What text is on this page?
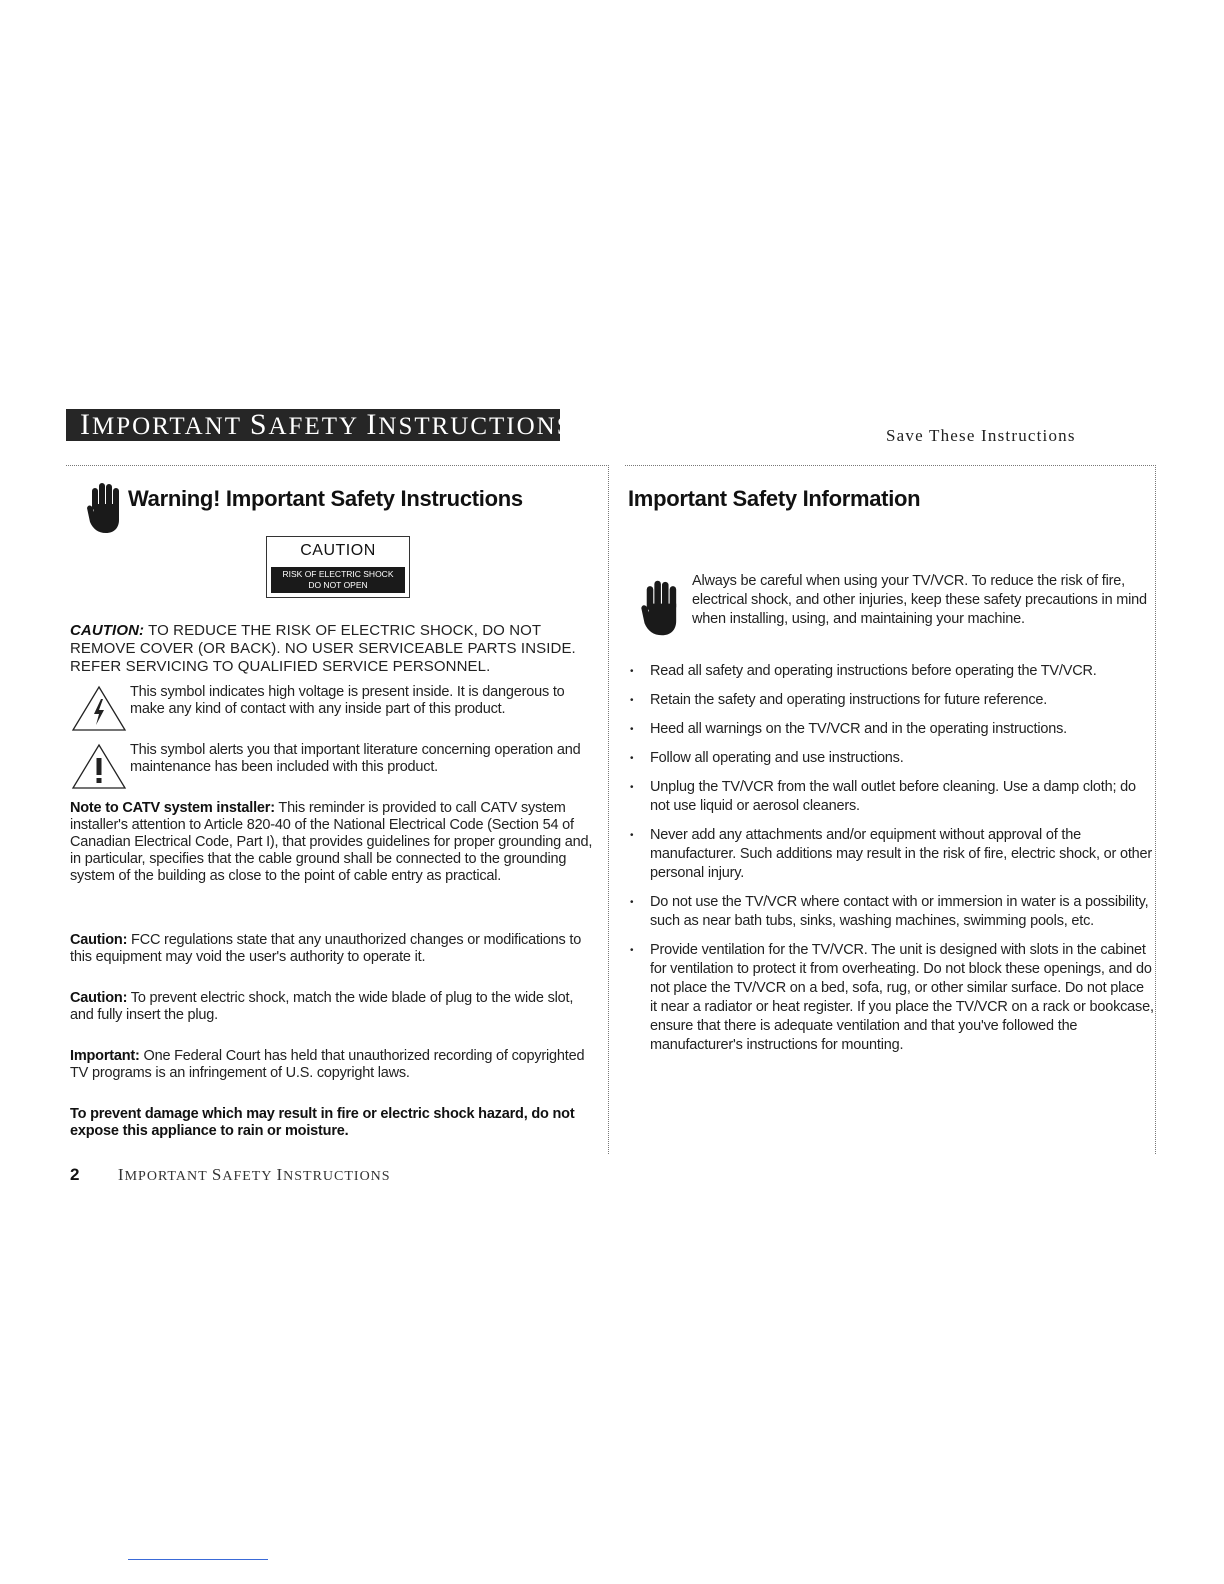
IMPORTANT SAFETY INSTRUCTIONS	Save These Instructions
Warning! Important Safety Instructions
CAUTION
RISK OF ELECTRIC SHOCK
DO NOT OPEN
CAUTION: TO REDUCE THE RISK OF ELECTRIC SHOCK, DO NOT REMOVE COVER (OR BACK). NO USER SERVICEABLE PARTS INSIDE. REFER SERVICING TO QUALIFIED SERVICE PERSONNEL.
This symbol indicates high voltage is present inside. It is dangerous to make any kind of contact with any inside part of this product.
This symbol alerts you that important literature concerning operation and maintenance has been included with this product.
Note to CATV system installer: This reminder is provided to call CATV system installer's attention to Article 820-40 of the National Electrical Code (Section 54 of Canadian Electrical Code, Part I), that provides guidelines for proper grounding and, in particular, specifies that the cable ground shall be connected to the grounding system of the building as close to the point of cable entry as practical.
Caution: FCC regulations state that any unauthorized changes or modifications to this equipment may void the user's authority to operate it.
Caution: To prevent electric shock, match the wide blade of plug to the wide slot, and fully insert the plug.
Important: One Federal Court has held that unauthorized recording of copyrighted TV programs is an infringement of U.S. copyright laws.
To prevent damage which may result in fire or electric shock hazard, do not expose this appliance to rain or moisture.
Important Safety Information
Always be careful when using your TV/VCR. To reduce the risk of fire, electrical shock, and other injuries, keep these safety precautions in mind when installing, using, and maintaining your machine.
• Read all safety and operating instructions before operating the TV/VCR.
• Retain the safety and operating instructions for future reference.
• Heed all warnings on the TV/VCR and in the operating instructions.
• Follow all operating and use instructions.
• Unplug the TV/VCR from the wall outlet before cleaning. Use a damp cloth; do not use liquid or aerosol cleaners.
• Never add any attachments and/or equipment without approval of the manufacturer. Such additions may result in the risk of fire, electric shock, or other personal injury.
• Do not use the TV/VCR where contact with or immersion in water is a possibility, such as near bath tubs, sinks, washing machines, swimming pools, etc.
• Provide ventilation for the TV/VCR. The unit is designed with slots in the cabinet for ventilation to protect it from overheating. Do not block these openings, and do not place the TV/VCR on a bed, sofa, rug, or other similar surface. Do not place it near a radiator or heat register. If you place the TV/VCR on a rack or bookcase, ensure that there is adequate ventilation and that you've followed the manufacturer's instructions for mounting.
2 IMPORTANT SAFETY INSTRUCTIONS
